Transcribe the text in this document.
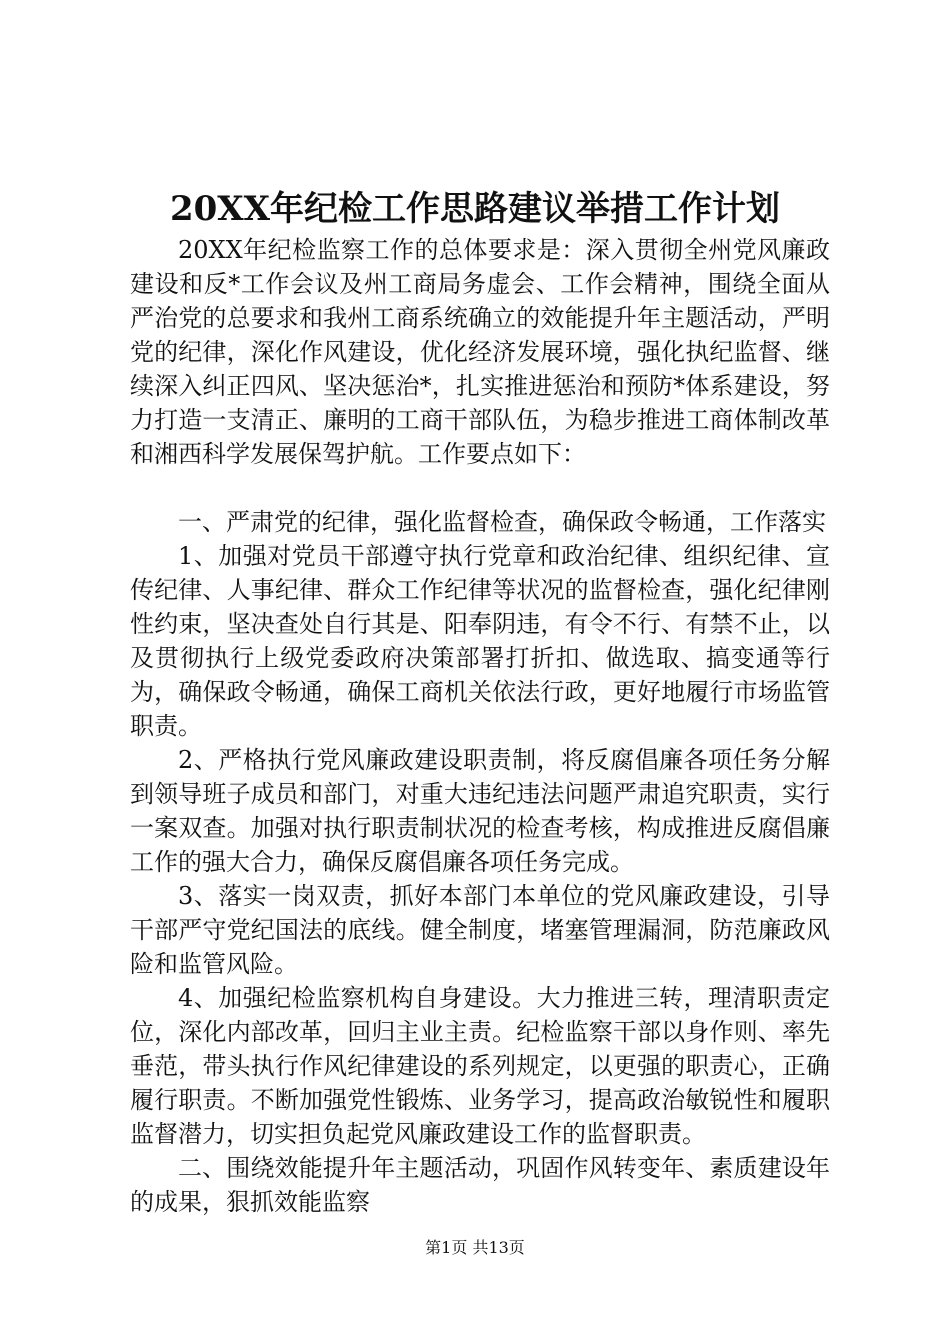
20XX年纪检工作思路建议举措工作计划

20XX年纪检监察工作的总体要求是：深入贯彻全州党风廉政建设和反*工作会议及州工商局务虚会、工作会精神，围绕全面从严治党的总要求和我州工商系统确立的效能提升年主题活动，严明党的纪律，深化作风建设，优化经济发展环境，强化执纪监督、继续深入纠正四风、坚决惩治*，扎实推进惩治和预防*体系建设，努力打造一支清正、廉明的工商干部队伍，为稳步推进工商体制改革和湘西科学发展保驾护航。工作要点如下：

一、严肃党的纪律，强化监督检查，确保政令畅通，工作落实

1、加强对党员干部遵守执行党章和政治纪律、组织纪律、宣传纪律、人事纪律、群众工作纪律等状况的监督检查，强化纪律刚性约束，坚决查处自行其是、阳奉阴违，有令不行、有禁不止，以及贯彻执行上级党委政府决策部署打折扣、做选取、搞变通等行为，确保政令畅通，确保工商机关依法行政，更好地履行市场监管职责。

2、严格执行党风廉政建设职责制，将反腐倡廉各项任务分解到领导班子成员和部门，对重大违纪违法问题严肃追究职责，实行一案双查。加强对执行职责制状况的检查考核，构成推进反腐倡廉工作的强大合力，确保反腐倡廉各项任务完成。

3、落实一岗双责，抓好本部门本单位的党风廉政建设，引导干部严守党纪国法的底线。健全制度，堵塞管理漏洞，防范廉政风险和监管风险。

4、加强纪检监察机构自身建设。大力推进三转，理清职责定位，深化内部改革，回归主业主责。纪检监察干部以身作则、率先垂范，带头执行作风纪律建设的系列规定，以更强的职责心，正确履行职责。不断加强党性锻炼、业务学习，提高政治敏锐性和履职监督潜力，切实担负起党风廉政建设工作的监督职责。

二、围绕效能提升年主题活动，巩固作风转变年、素质建设年的成果，狠抓效能监察

第1页 共13页
